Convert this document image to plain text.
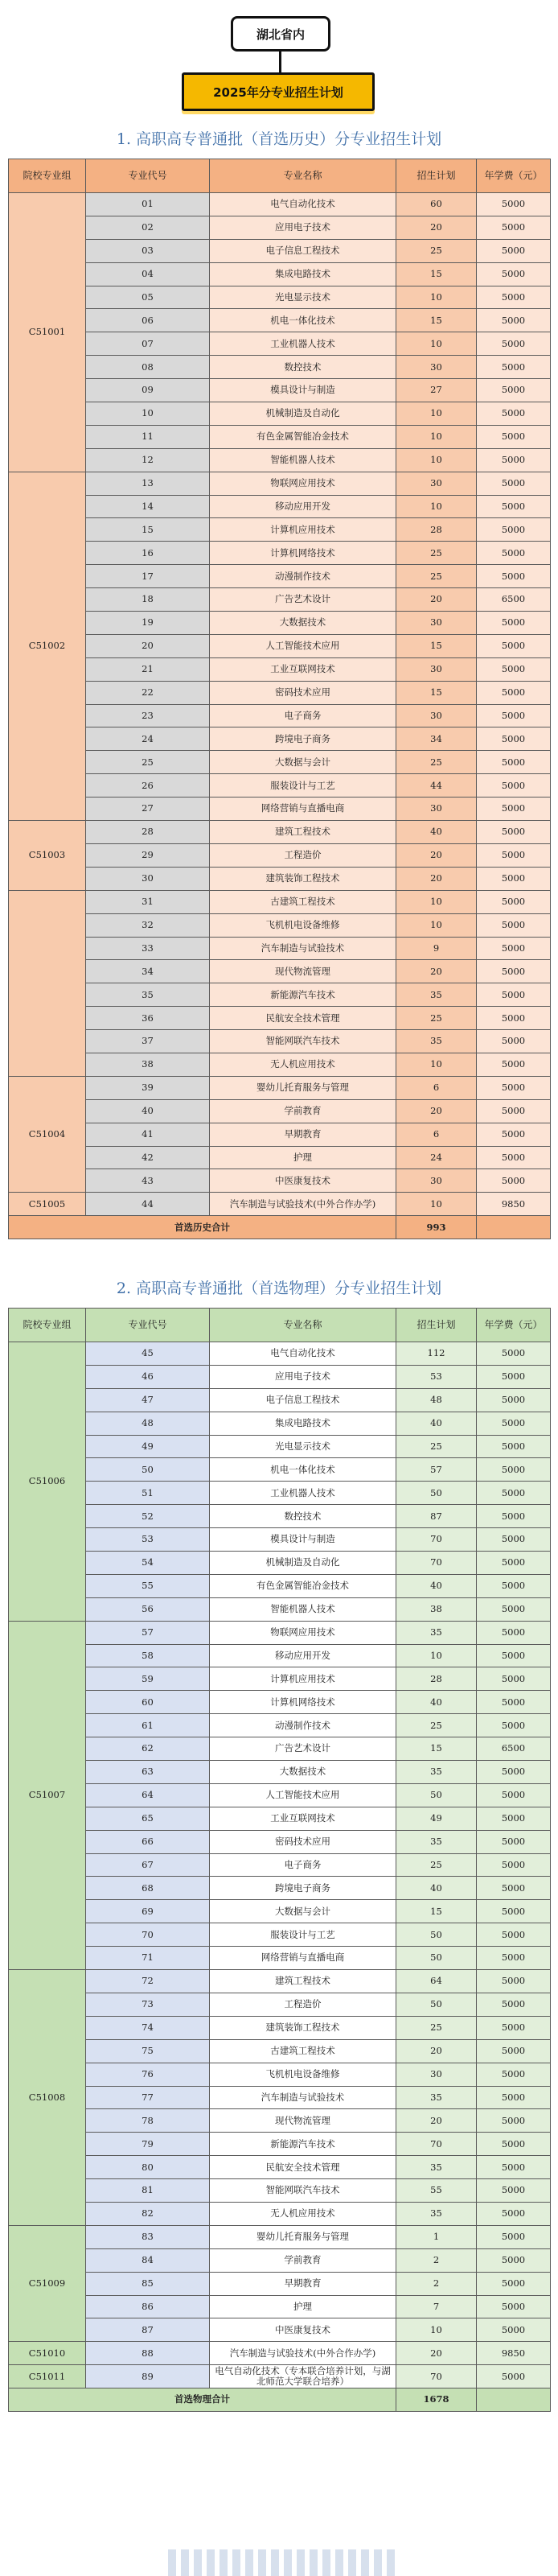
湖北省内
2025年分专业招生计划
1. 高职高专普通批（首选历史）分专业招生计划
院校专业组	专业代号	专业名称	招生计划	年学费（元）
C51001	01	电气自动化技术	60	5000
	02	应用电子技术	20	5000
	03	电子信息工程技术	25	5000
	04	集成电路技术	15	5000
	05	光电显示技术	10	5000
	06	机电一体化技术	15	5000
	07	工业机器人技术	10	5000
	08	数控技术	30	5000
	09	模具设计与制造	27	5000
	10	机械制造及自动化	10	5000
	11	有色金属智能冶金技术	10	5000
	12	智能机器人技术	10	5000
C51002	13	物联网应用技术	30	5000
	14	移动应用开发	10	5000
	15	计算机应用技术	28	5000
	16	计算机网络技术	25	5000
	17	动漫制作技术	25	5000
	18	广告艺术设计	20	6500
	19	大数据技术	30	5000
	20	人工智能技术应用	15	5000
	21	工业互联网技术	30	5000
	22	密码技术应用	15	5000
	23	电子商务	30	5000
	24	跨境电子商务	34	5000
	25	大数据与会计	25	5000
	26	服装设计与工艺	44	5000
	27	网络营销与直播电商	30	5000
C51003	28	建筑工程技术	40	5000
	29	工程造价	20	5000
	30	建筑装饰工程技术	20	5000
	31	古建筑工程技术	10	5000
	32	飞机机电设备维修	10	5000
	33	汽车制造与试验技术	9	5000
	34	现代物流管理	20	5000
	35	新能源汽车技术	35	5000
	36	民航安全技术管理	25	5000
	37	智能网联汽车技术	35	5000
	38	无人机应用技术	10	5000
C51004	39	婴幼儿托育服务与管理	6	5000
	40	学前教育	20	5000
	41	早期教育	6	5000
	42	护理	24	5000
	43	中医康复技术	30	5000
C51005	44	汽车制造与试验技术(中外合作办学)	10	9850
首选历史合计			993	
2. 高职高专普通批（首选物理）分专业招生计划
院校专业组	专业代号	专业名称	招生计划	年学费（元）
C51006	45	电气自动化技术	112	5000
	46	应用电子技术	53	5000
	47	电子信息工程技术	48	5000
	48	集成电路技术	40	5000
	49	光电显示技术	25	5000
	50	机电一体化技术	57	5000
	51	工业机器人技术	50	5000
	52	数控技术	87	5000
	53	模具设计与制造	70	5000
	54	机械制造及自动化	70	5000
	55	有色金属智能冶金技术	40	5000
	56	智能机器人技术	38	5000
C51007	57	物联网应用技术	35	5000
	58	移动应用开发	10	5000
	59	计算机应用技术	28	5000
	60	计算机网络技术	40	5000
	61	动漫制作技术	25	5000
	62	广告艺术设计	15	6500
	63	大数据技术	35	5000
	64	人工智能技术应用	50	5000
	65	工业互联网技术	49	5000
	66	密码技术应用	35	5000
	67	电子商务	25	5000
	68	跨境电子商务	40	5000
	69	大数据与会计	15	5000
	70	服装设计与工艺	50	5000
	71	网络营销与直播电商	50	5000
C51008	72	建筑工程技术	64	5000
	73	工程造价	50	5000
	74	建筑装饰工程技术	25	5000
	75	古建筑工程技术	20	5000
	76	飞机机电设备维修	30	5000
	77	汽车制造与试验技术	35	5000
	78	现代物流管理	20	5000
	79	新能源汽车技术	70	5000
	80	民航安全技术管理	35	5000
	81	智能网联汽车技术	55	5000
	82	无人机应用技术	35	5000
C51009	83	婴幼儿托育服务与管理	1	5000
	84	学前教育	2	5000
	85	早期教育	2	5000
	86	护理	7	5000
	87	中医康复技术	10	5000
C51010	88	汽车制造与试验技术(中外合作办学)	20	9850
C51011	89	电气自动化技术（专本联合培养计划，与湖北师范大学联合培养）	70	5000
首选物理合计			1678	
